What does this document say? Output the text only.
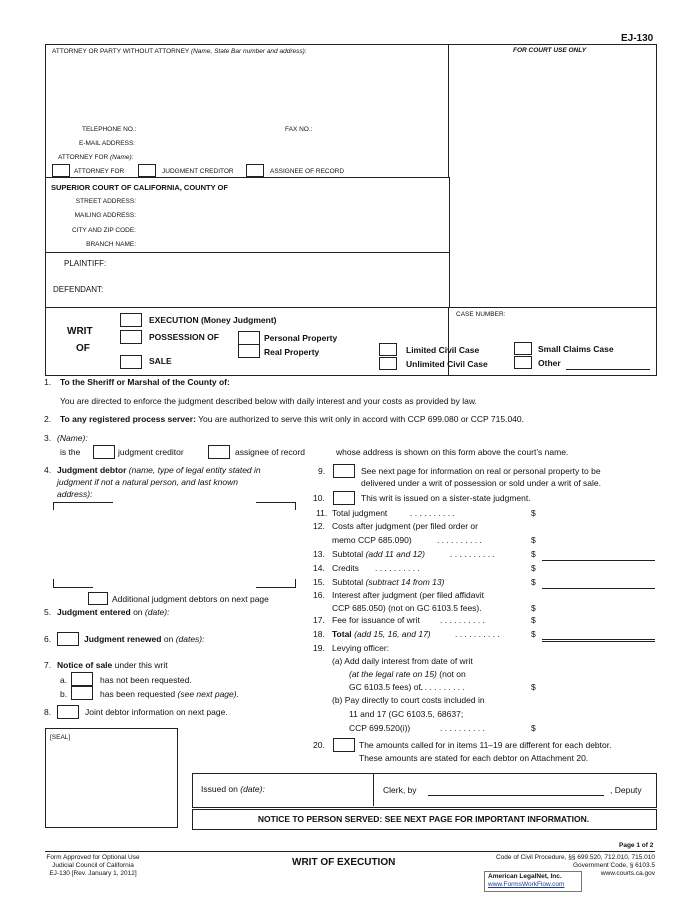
EJ-130
ATTORNEY OR PARTY WITHOUT ATTORNEY (Name, State Bar number and address):	FOR COURT USE ONLY
TELEPHONE NO.:	FAX NO.:
E-MAIL ADDRESS:
ATTORNEY FOR (Name):
ATTORNEY FOR	JUDGMENT CREDITOR	ASSIGNEE OF RECORD
SUPERIOR COURT OF CALIFORNIA, COUNTY OF
STREET ADDRESS:
MAILING ADDRESS:
CITY AND ZIP CODE:
BRANCH NAME:
PLAINTIFF:
DEFENDANT:
WRIT
OF
EXECUTION (Money Judgment)
POSSESSION OF	Personal Property
Real Property
SALE
CASE NUMBER:
Limited Civil Case	Small Claims Case
Unlimited Civil Case	Other
1. To the Sheriff or Marshal of the County of:
You are directed to enforce the judgment described below with daily interest and your costs as provided by law.
2. To any registered process server: You are authorized to serve this writ only in accord with CCP 699.080 or CCP 715.040.
3. (Name):
is the	judgment creditor	assignee of record	whose address is shown on this form above the court’s name.
4. Judgment debtor (name, type of legal entity stated in
judgment if not a natural person, and last known
address):
Additional judgment debtors on next page
5. Judgment entered on (date):
6.	Judgment renewed on (dates):
7. Notice of sale under this writ
a.	has not been requested.
b.	has been requested (see next page).
8.	Joint debtor information on next page.
[SEAL]
9.	See next page for information on real or personal property to be
delivered under a writ of possession or sold under a writ of sale.
10.	This writ is issued on a sister-state judgment.
11. Total judgment	. . . . . . . . . .	$
12. Costs after judgment (per filed order or
memo CCP 685.090)	. . . . . . . . . .	$
13. Subtotal (add 11 and 12)	. . . . . . . . . .	$
14. Credits . . . . . . . . . .	$
15. Subtotal (subtract 14 from 13)	$
16. Interest after judgment (per filed affidavit
CCP 685.050) (not on GC 6103.5 fees).	$
17. Fee for issuance of writ . . . . . . . . . .	$
18. Total (add 15, 16, and 17)	. . . . . . . . . .	$
19. Levying officer:
(a) Add daily interest from date of writ
(at the legal rate on 15) (not on
GC 6103.5 fees) of.
. . . . . . . . . .	$
(b) Pay directly to court costs included in
11 and 17 (GC 6103.5, 68637;
CCP 699.520(i))	. . . . . . . . . .	$
20.	The amounts called for in items 11–19 are different for each debtor.
These amounts are stated for each debtor on Attachment 20.
Issued on (date):	Clerk, by	, Deputy
NOTICE TO PERSON SERVED: SEE NEXT PAGE FOR IMPORTANT INFORMATION.
Page 1 of 2
Form Approved for Optional Use
Judicial Council of California
EJ-130 [Rev. January 1, 2012]
WRIT OF EXECUTION	Code of Civil Procedure, §§ 699.520, 712.010, 715.010
Government Code, § 6103.5
www.courts.ca.gov
American LegalNet, Inc.
www.FormsWorkFlow.com
